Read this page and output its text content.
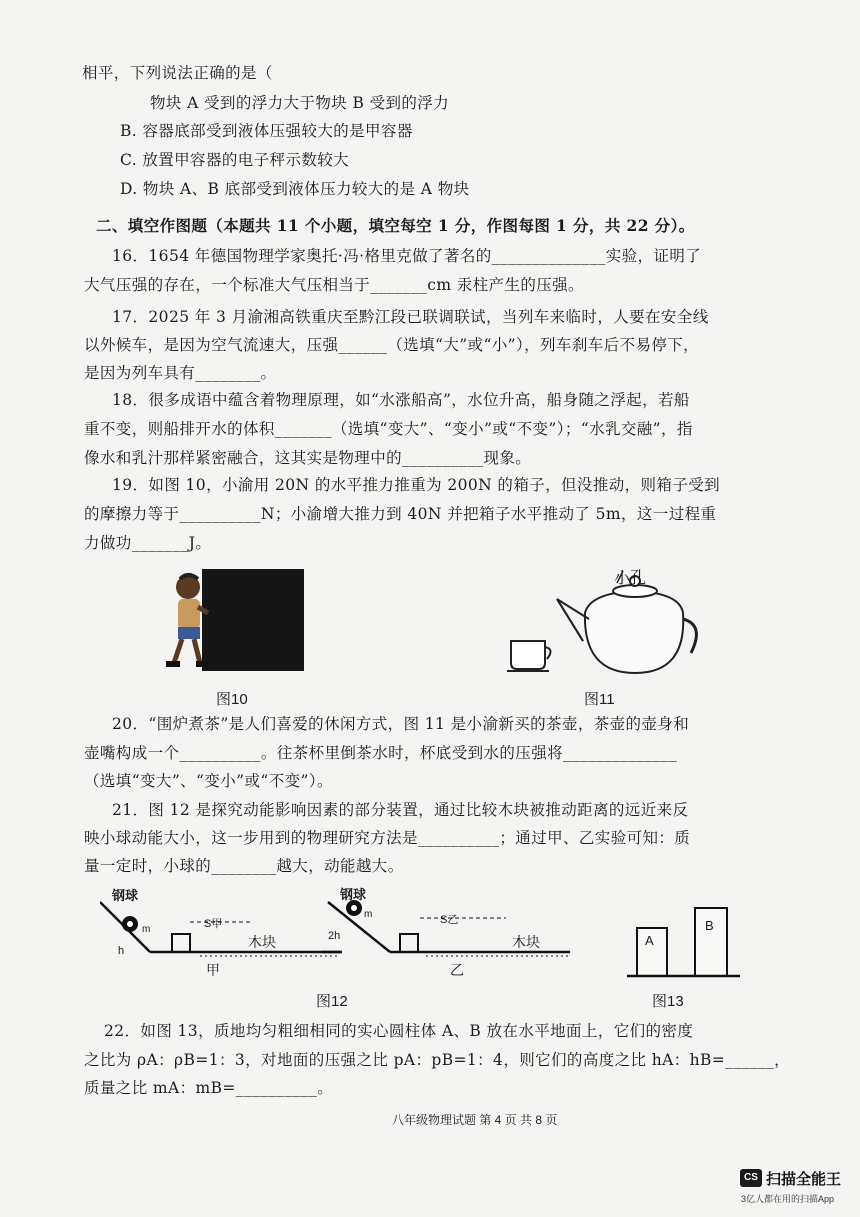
相平，下列说法正确的是（
物块 A 受到的浮力大于物块 B 受到的浮力
B. 容器底部受到液体压强较大的是甲容器
C. 放置甲容器的电子秤示数较大
D. 物块 A、B 底部受到液体压力较大的是 A 物块
二、填空作图题（本题共 11 个小题，填空每空 1 分，作图每图 1 分，共 22 分）。
16．1654 年德国物理学家奥托·冯·格里克做了著名的______________实验，证明了
大气压强的存在，一个标准大气压相当于_______cm 汞柱产生的压强。
17．2025 年 3 月渝湘高铁重庆至黔江段已联调联试，当列车来临时，人要在安全线
以外候车，是因为空气流速大，压强______（选填“大”或“小”），列车刹车后不易停下，
是因为列车具有________。
18．很多成语中蕴含着物理原理，如“水涨船高”，水位升高，船身随之浮起，若船
重不变，则船排开水的体积_______（选填“变大”、“变小”或“不变”）；“水乳交融”，指
像水和乳汁那样紧密融合，这其实是物理中的__________现象。
19．如图 10，小渝用 20N 的水平推力推重为 200N 的箱子，但没推动，则箱子受到
的摩擦力等于__________N；小渝增大推力到 40N 并把箱子水平推动了 5m，这一过程重
力做功_______J。
图10
小孔
图11
20．“围炉煮茶”是人们喜爱的休闲方式，图 11 是小渝新买的茶壶，茶壶的壶身和
壶嘴构成一个__________。往茶杯里倒茶水时，杯底受到水的压强将______________
（选填“变大”、“变小”或“不变”）。
21．图 12 是探究动能影响因素的部分装置，通过比较木块被推动距离的远近来反
映小球动能大小，这一步用到的物理研究方法是__________；通过甲、乙实验可知：质
量一定时，小球的________越大，动能越大。
钢球	钢球
m
m
h
2h
S甲	S乙
木块	木块
甲	乙
图12
A
B
图13
22．如图 13，质地均匀粗细相同的实心圆柱体 A、B 放在水平地面上，它们的密度
之比为 ρA：ρB=1：3，对地面的压强之比 pA：pB=1：4，则它们的高度之比 hA：hB=______，
质量之比 mA：mB=__________。
八年级物理试题 第 4 页 共 8 页
CS 扫描全能王
3亿人都在用的扫描App
